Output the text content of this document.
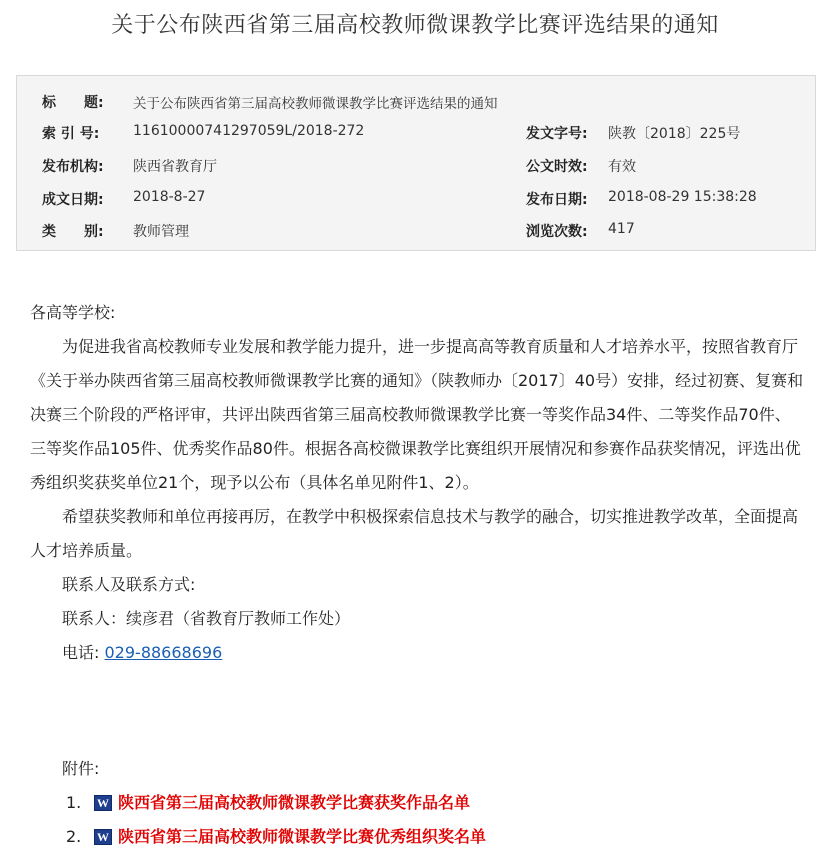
关于公布陕西省第三届高校教师微课教学比赛评选结果的通知
标　　题:	关于公布陕西省第三届高校教师微课教学比赛评选结果的通知
索 引 号:	11610000741297059L/2018-272	发文字号: 陕教〔2018〕225号
发布机构:	陕西省教育厅	公文时效: 有效
成文日期:	2018-8-27	发布日期: 2018-08-29 15:38:28
类　　别:	教师管理	浏览次数: 417
各高等学校:
为促进我省高校教师专业发展和教学能力提升，进一步提高高等教育质量和人才培养水平，按照省教育厅《关于举办陕西省第三届高校教师微课教学比赛的通知》（陕教师办〔2017〕40号）安排，经过初赛、复赛和决赛三个阶段的严格评审，共评出陕西省第三届高校教师微课教学比赛一等奖作品34件、二等奖作品70件、三等奖作品105件、优秀奖作品80件。根据各高校微课教学比赛组织开展情况和参赛作品获奖情况，评选出优秀组织奖获奖单位21个，现予以公布（具体名单见附件1、2）。
希望获奖教师和单位再接再厉，在教学中积极探索信息技术与教学的融合，切实推进教学改革，全面提高人才培养质量。
联系人及联系方式:
联系人：续彦君（省教育厅教师工作处）
电话: 029-88668696
附件:
1.	W 陕西省第三届高校教师微课教学比赛获奖作品名单
2.	W 陕西省第三届高校教师微课教学比赛优秀组织奖名单
